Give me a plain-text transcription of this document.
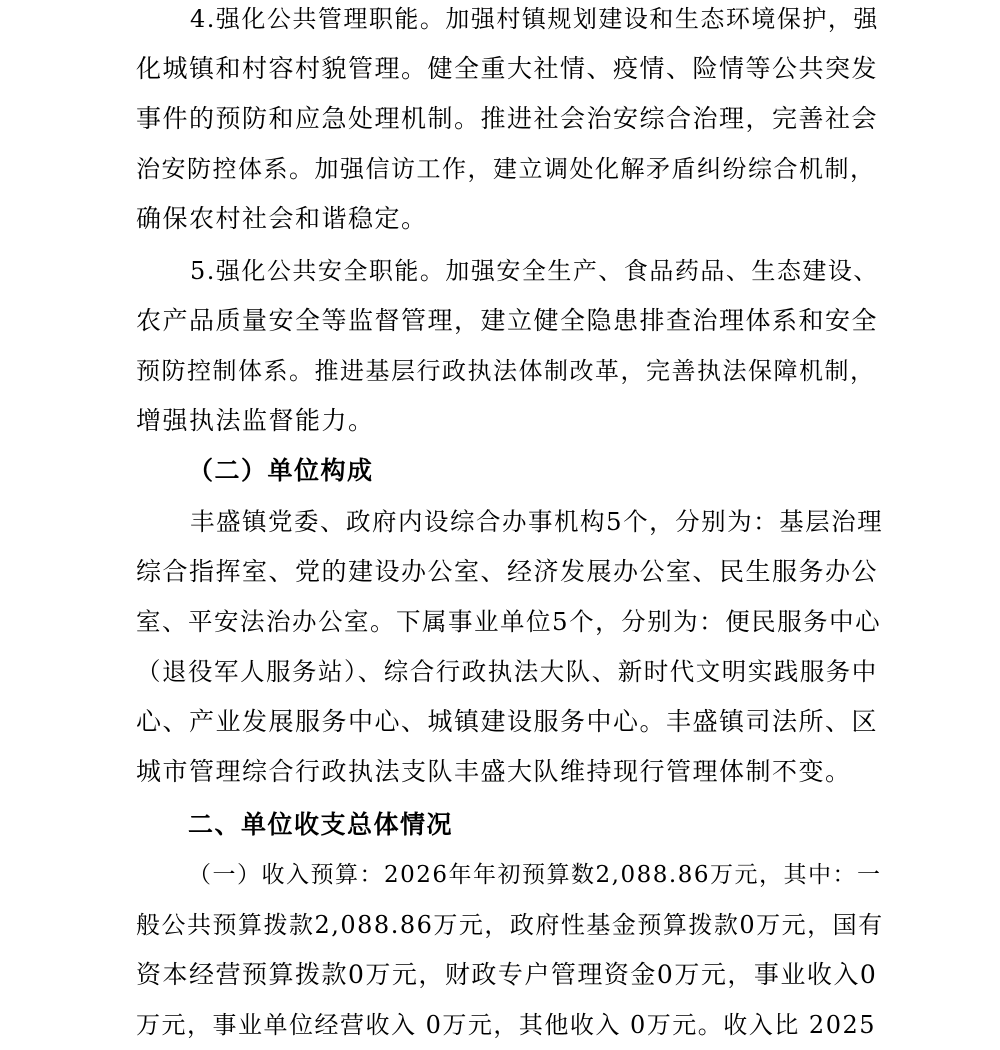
4.强化公共管理职能。加强村镇规划建设和生态环境保护，强
化城镇和村容村貌管理。健全重大社情、疫情、险情等公共突发
事件的预防和应急处理机制。推进社会治安综合治理，完善社会
治安防控体系。加强信访工作，建立调处化解矛盾纠纷综合机制，
确保农村社会和谐稳定。
5.强化公共安全职能。加强安全生产、食品药品、生态建设、
农产品质量安全等监督管理，建立健全隐患排查治理体系和安全
预防控制体系。推进基层行政执法体制改革，完善执法保障机制，
增强执法监督能力。
（二）单位构成
丰盛镇党委、政府内设综合办事机构5个，分别为：基层治理
综合指挥室、党的建设办公室、经济发展办公室、民生服务办公
室、平安法治办公室。下属事业单位5个，分别为：便民服务中心
（退役军人服务站）、综合行政执法大队、新时代文明实践服务中
心、产业发展服务中心、城镇建设服务中心。丰盛镇司法所、区
城市管理综合行政执法支队丰盛大队维持现行管理体制不变。
二、单位收支总体情况
（一）收入预算：2026年年初预算数2,088.86万元，其中：一
般公共预算拨款2,088.86万元，政府性基金预算拨款0万元，国有
资本经营预算拨款0万元，财政专户管理资金0万元，事业收入0
万元，事业单位经营收入 0万元，其他收入 0万元。收入比 2025
